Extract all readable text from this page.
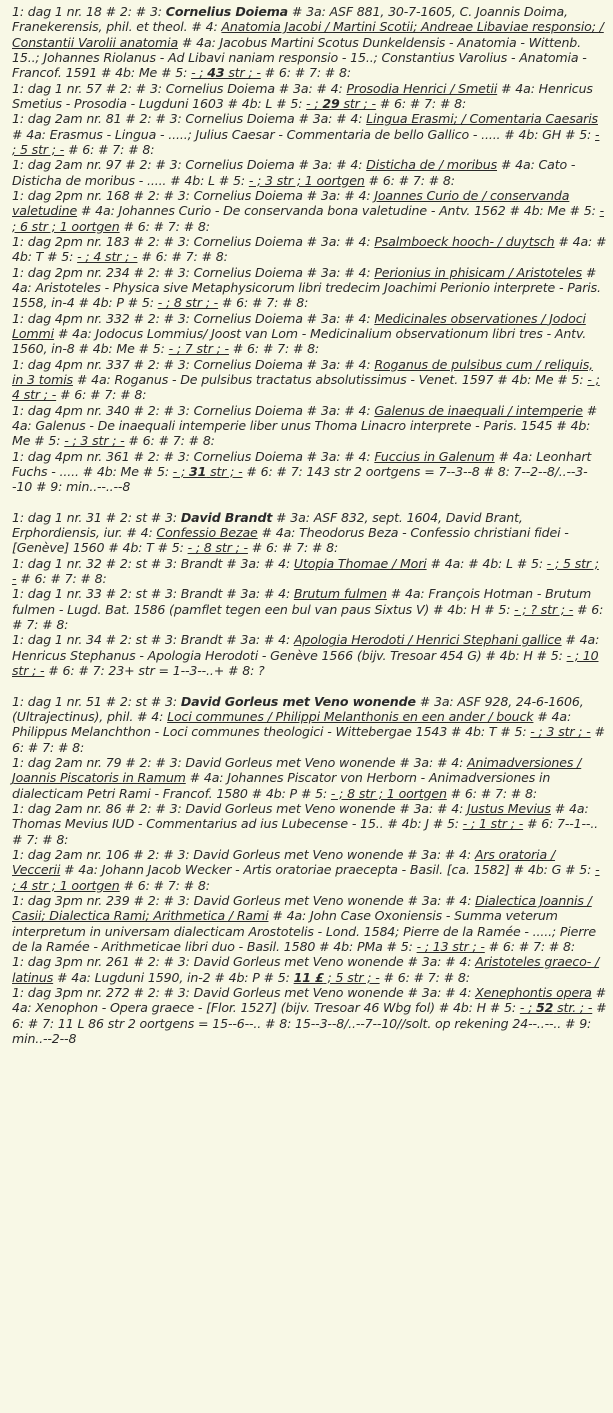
1: dag 1 nr. 18 # 2: # 3: Cornelius Doiema # 3a: ASF 881, 30-7-1605, C. Joannis Doima, Franekerensis, phil. et theol. # 4: Anatomia Jacobi / Martini Scotii; Andreae Libaviae responsio; / Constantii Varolii anatomia # 4a: Jacobus Martini Scotus Dunkeldensis - Anatomia - Wittenb. 15..; Johannes Riolanus - Ad Libavi naniam responsio - 15..; Constantius Varolius - Anatomia - Francof. 1591 # 4b: Me # 5: - ; 43 str ; - # 6: # 7: # 8:

1: dag 1 nr. 57 # 2: # 3: Cornelius Doiema # 3a: # 4: Prosodia Henrici / Smetii # 4a: Henricus Smetius - Prosodia - Lugduni 1603 # 4b: L # 5: - ; 29 str ; - # 6: # 7: # 8:

1: dag 2am nr. 81 # 2: # 3: Cornelius Doiema # 3a: # 4: Lingua Erasmi; / Comentaria Caesaris # 4a: Erasmus - Lingua - .....; Julius Caesar - Commentaria de bello Gallico - ..... # 4b: GH # 5: - ; 5 str ; - # 6: # 7: # 8:

1: dag 2am nr. 97 # 2: # 3: Cornelius Doiema # 3a: # 4: Disticha de / moribus # 4a: Cato - Disticha de moribus - ..... # 4b: L # 5: - ; 3 str ; 1 oortgen # 6: # 7: # 8:

1: dag 2pm nr. 168 # 2: # 3: Cornelius Doiema # 3a: # 4: Joannes Curio de / conservanda valetudine # 4a: Johannes Curio - De conservanda bona valetudine - Antv. 1562 # 4b: Me # 5: - ; 6 str ; 1 oortgen # 6: # 7: # 8:

1: dag 2pm nr. 183 # 2: # 3: Cornelius Doiema # 3a: # 4: Psalmboeck hooch- / duytsch # 4a: # 4b: T # 5: - ; 4 str ; - # 6: # 7: # 8:

1: dag 2pm nr. 234 # 2: # 3: Cornelius Doiema # 3a: # 4: Perionius in phisicam / Aristoteles # 4a: Aristoteles - Physica sive Metaphysicorum libri tredecim Joachimi Perionio interprete - Paris. 1558, in-4 # 4b: P # 5: - ; 8 str ; - # 6: # 7: # 8:

1: dag 4pm nr. 332 # 2: # 3: Cornelius Doiema # 3a: # 4: Medicinales observationes / Jodoci Lommi # 4a: Jodocus Lommius/ Joost van Lom - Medicinalium observationum libri tres - Antv. 1560, in-8 # 4b: Me # 5: - ; 7 str ; - # 6: # 7: # 8:

1: dag 4pm nr. 337 # 2: # 3: Cornelius Doiema # 3a: # 4: Roganus de pulsibus cum / reliquis, in 3 tomis # 4a: Roganus - De pulsibus tractatus absolutissimus - Venet. 1597 # 4b: Me # 5: - ; 4 str ; - # 6: # 7: # 8:

1: dag 4pm nr. 340 # 2: # 3: Cornelius Doiema # 3a: # 4: Galenus de inaequali / intemperie # 4a: Galenus - De inaequali intemperie liber unus Thoma Linacro interprete - Paris. 1545 # 4b: Me # 5: - ; 3 str ; - # 6: # 7: # 8:

1: dag 4pm nr. 361 # 2: # 3: Cornelius Doiema # 3a: # 4: Fuccius in Galenum # 4a: Leonhart Fuchs - ..... # 4b: Me # 5: - ; 31 str ; - # 6: # 7: 143 str 2 oortgens = 7--3--8 # 8: 7--2--8/..--3--10 # 9: min..--..--8

1: dag 1 nr. 31 # 2: st # 3: David Brandt # 3a: ASF 832, sept. 1604, David Brant, Erphordiensis, iur. # 4: Confessio Bezae # 4a: Theodorus Beza - Confessio christiani fidei - [Genève] 1560 # 4b: T # 5: - ; 8 str ; - # 6: # 7: # 8:

1: dag 1 nr. 32 # 2: st # 3: Brandt # 3a: # 4: Utopia Thomae / Mori # 4a: # 4b: L # 5: - ; 5 str ; - # 6: # 7: # 8:

1: dag 1 nr. 33 # 2: st # 3: Brandt # 3a: # 4: Brutum fulmen # 4a: François Hotman - Brutum fulmen - Lugd. Bat. 1586 (pamflet tegen een bul van paus Sixtus V) # 4b: H # 5: - ; ? str ; - # 6: # 7: # 8:

1: dag 1 nr. 34 # 2: st # 3: Brandt # 3a: # 4: Apologia Herodoti / Henrici Stephani gallice # 4a: Henricus Stephanus - Apologia Herodoti - Genève 1566 (bijv. Tresoar 454 G) # 4b: H # 5: - ; 10 str ; - # 6: # 7: 23+ str = 1--3--..+ # 8: ?

1: dag 1 nr. 51 # 2: st # 3: David Gorleus met Veno wonende # 3a: ASF 928, 24-6-1606, (Ultrajectinus), phil. # 4: Loci communes / Philippi Melanthonis en een ander / bouck # 4a: Philippus Melanchthon - Loci communes theologici - Wittebergae 1543 # 4b: T # 5: - ; 3 str ; - # 6: # 7: # 8:

1: dag 2am nr. 79 # 2: # 3: David Gorleus met Veno wonende # 3a: # 4: Animadversiones / Joannis Piscatoris in Ramum # 4a: Johannes Piscator von Herborn - Animadversiones in dialecticam Petri Rami - Francof. 1580 # 4b: P # 5: - ; 8 str ; 1 oortgen # 6: # 7: # 8:

1: dag 2am nr. 86 # 2: # 3: David Gorleus met Veno wonende # 3a: # 4: Justus Mevius # 4a: Thomas Mevius IUD - Commentarius ad ius Lubecense - 15.. # 4b: J # 5: - ; 1 str ; - # 6: 7--1--.. # 7: # 8:

1: dag 2am nr. 106 # 2: # 3: David Gorleus met Veno wonende # 3a: # 4: Ars oratoria / Veccerii # 4a: Johann Jacob Wecker - Artis oratoriae praecepta - Basil. [ca. 1582] # 4b: G # 5: - ; 4 str ; 1 oortgen # 6: # 7: # 8:

1: dag 3pm nr. 239 # 2: # 3: David Gorleus met Veno wonende # 3a: # 4: Dialectica Joannis / Casii; Dialectica Rami; Arithmetica / Rami # 4a: John Case Oxoniensis - Summa veterum interpretum in universam dialecticam Arostotelis - Lond. 1584; Pierre de la Ramée - .....; Pierre de la Ramée - Arithmeticae libri duo - Basil. 1580 # 4b: PMa # 5: - ; 13 str ; - # 6: # 7: # 8:

1: dag 3pm nr. 261 # 2: # 3: David Gorleus met Veno wonende # 3a: # 4: Aristoteles graeco- / latinus # 4a: Lugduni 1590, in-2 # 4b: P # 5: 11 £ ; 5 str ; - # 6: # 7: # 8:

1: dag 3pm nr. 272 # 2: # 3: David Gorleus met Veno wonende # 3a: # 4: Xenephontis opera # 4a: Xenophon - Opera graece - [Flor. 1527] (bijv. Tresoar 46 Wbg fol) # 4b: H # 5: - ; 52 str. ; - # 6: # 7: 11 L 86 str 2 oortgens = 15--6--.. # 8: 15--3--8/..--7--10//solt. op rekening 24--..--.. # 9: min..--2--8
